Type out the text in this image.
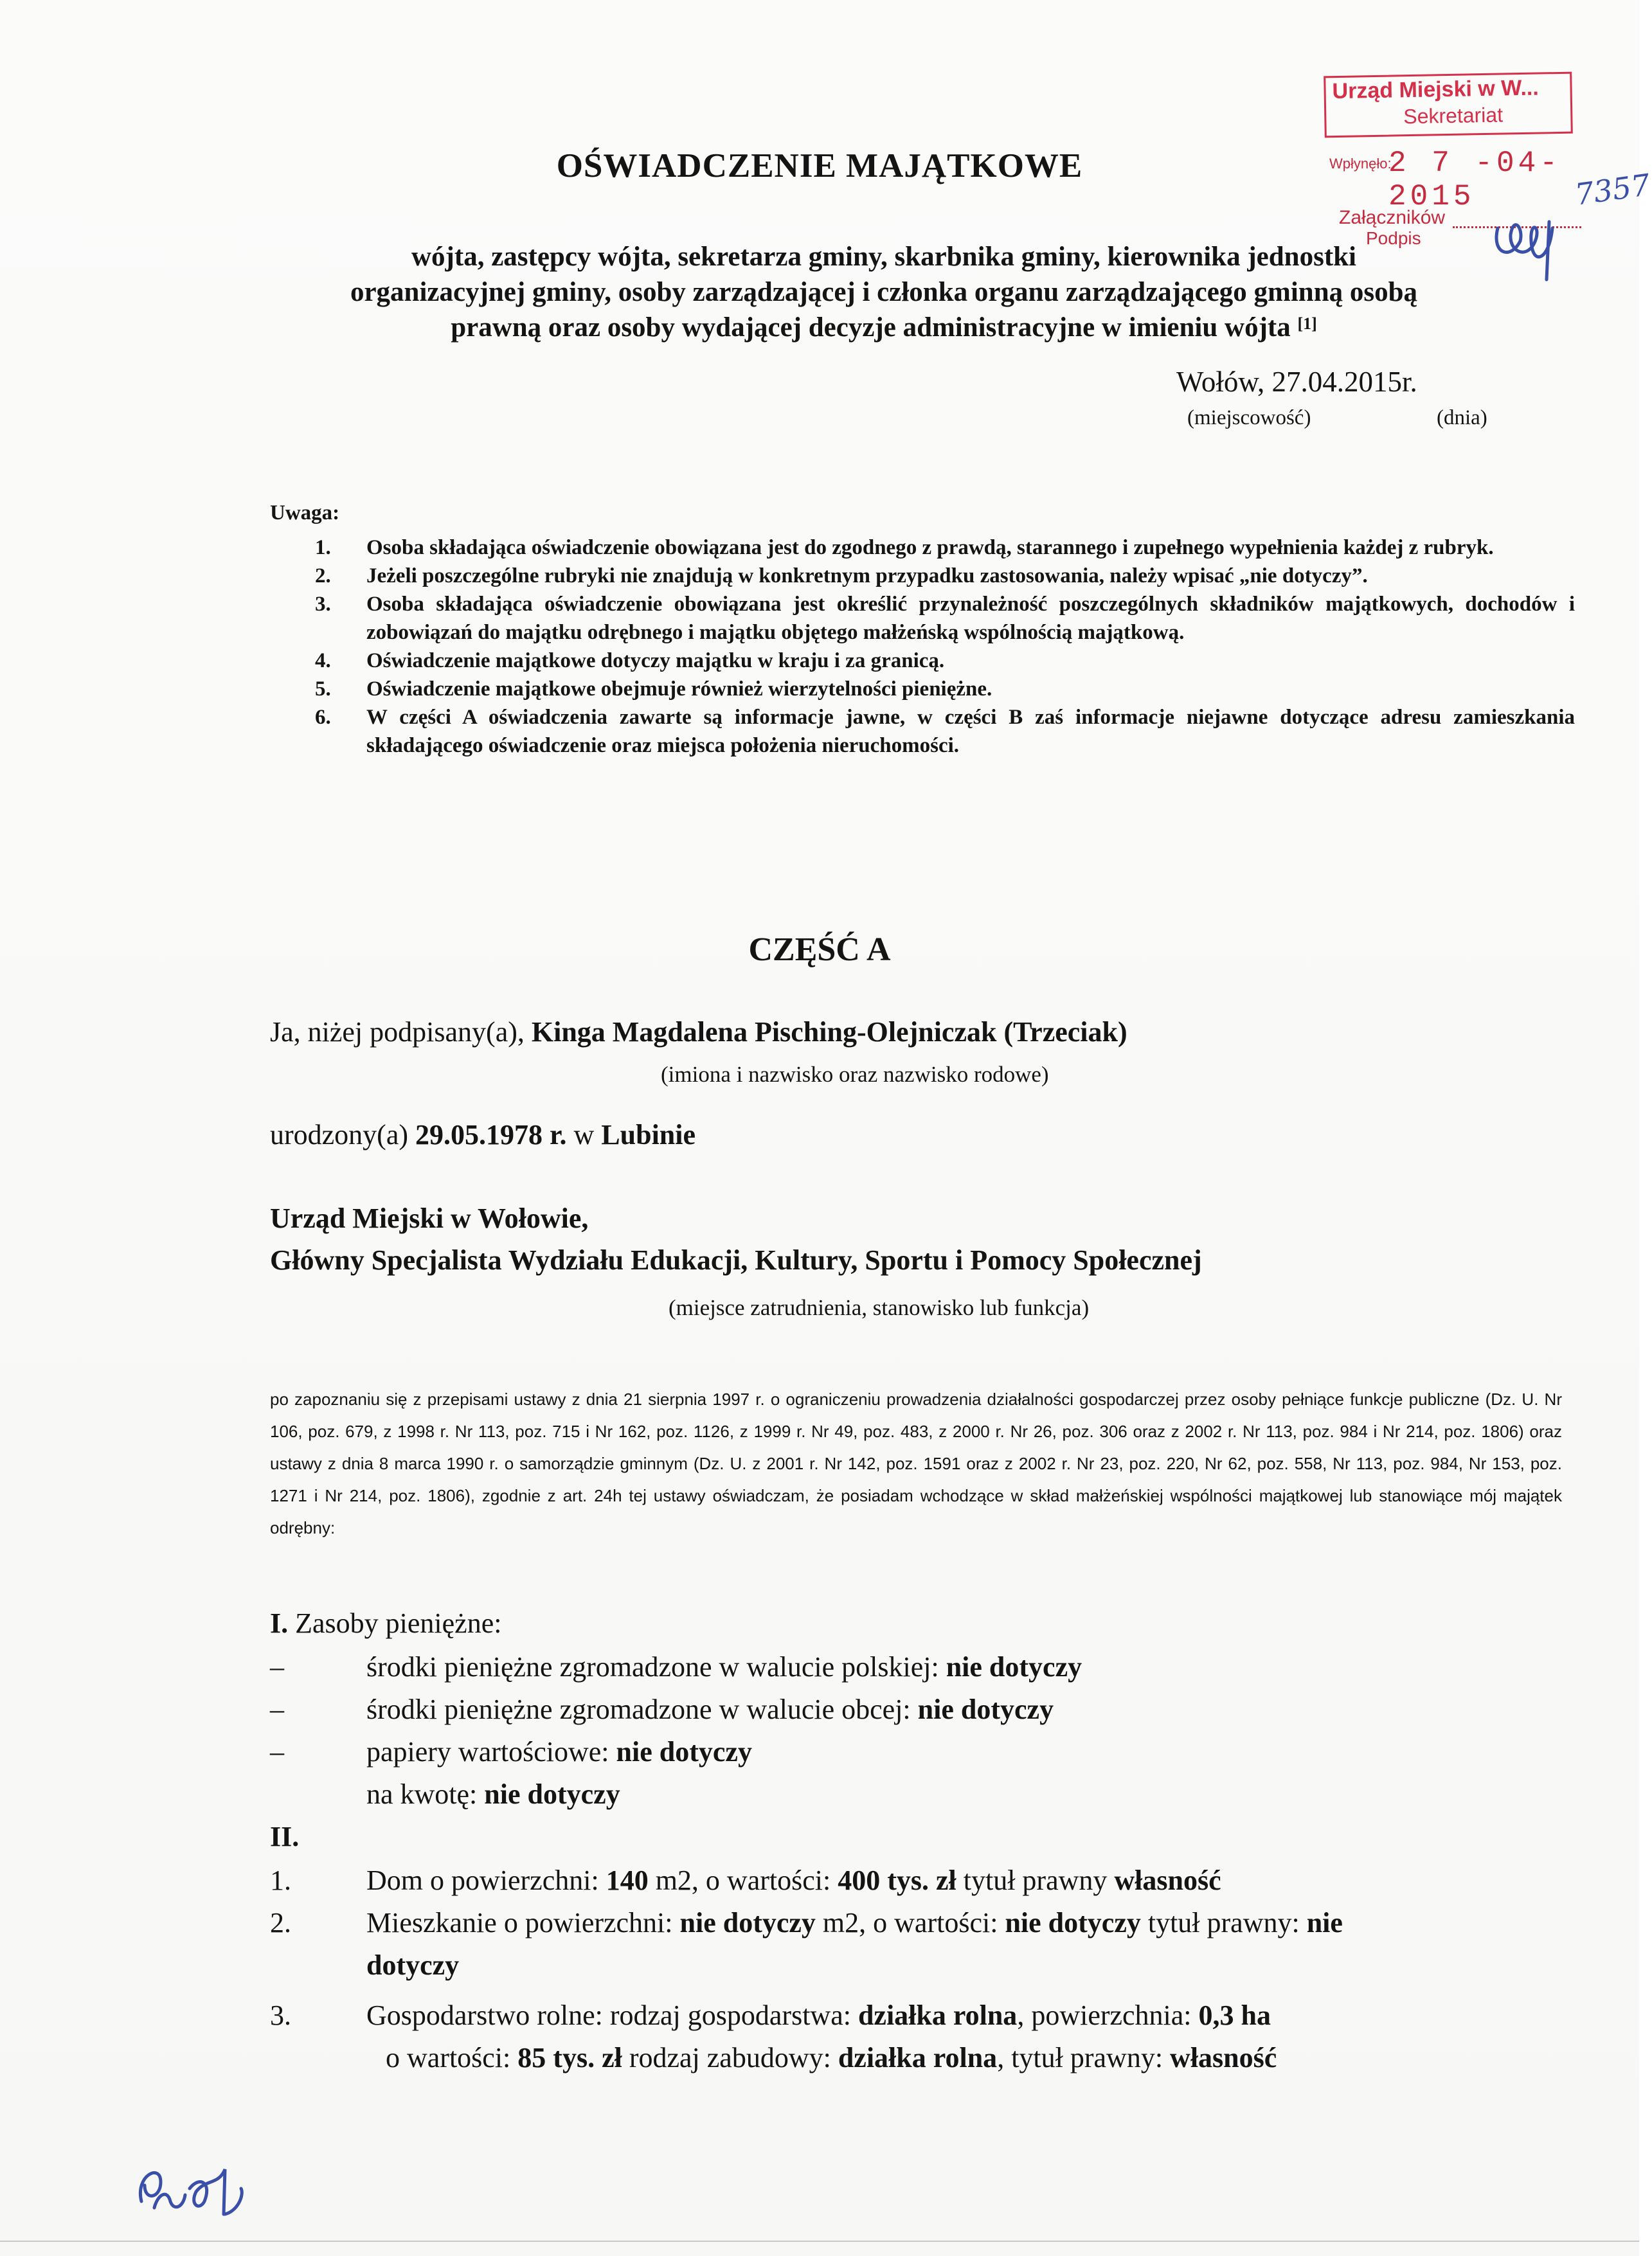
Urząd Miejski w W...
Sekretariat
Wpłynęło:
2 7 -04- 2015
Załączników
Podpis
7357
OŚWIADCZENIE MAJĄTKOWE
wójta, zastępcy wójta, sekretarza gminy, skarbnika gminy, kierownika jednostki
organizacyjnej gminy, osoby zarządzającej i członka organu zarządzającego gminną osobą
prawną oraz osoby wydającej decyzje administracyjne w imieniu wójta [1]
Wołów, 27.04.2015r.
(miejscowość)	(dnia)
Uwaga:
1. Osoba składająca oświadczenie obowiązana jest do zgodnego z prawdą, starannego i zupełnego wypełnienia każdej z rubryk.
2. Jeżeli poszczególne rubryki nie znajdują w konkretnym przypadku zastosowania, należy wpisać „nie dotyczy”.
3. Osoba składająca oświadczenie obowiązana jest określić przynależność poszczególnych składników majątkowych, dochodów i zobowiązań do majątku odrębnego i majątku objętego małżeńską wspólnością majątkową.
4. Oświadczenie majątkowe dotyczy majątku w kraju i za granicą.
5. Oświadczenie majątkowe obejmuje również wierzytelności pieniężne.
6. W części A oświadczenia zawarte są informacje jawne, w części B zaś informacje niejawne dotyczące adresu zamieszkania składającego oświadczenie oraz miejsca położenia nieruchomości.
CZĘŚĆ A
Ja, niżej podpisany(a), Kinga Magdalena Pisching-Olejniczak (Trzeciak)
(imiona i nazwisko oraz nazwisko rodowe)
urodzony(a) 29.05.1978 r. w Lubinie
Urząd Miejski w Wołowie,
Główny Specjalista Wydziału Edukacji, Kultury, Sportu i Pomocy Społecznej
(miejsce zatrudnienia, stanowisko lub funkcja)
po zapoznaniu się z przepisami ustawy z dnia 21 sierpnia 1997 r. o ograniczeniu prowadzenia działalności gospodarczej przez osoby pełniące funkcje publiczne (Dz. U. Nr 106, poz. 679, z 1998 r. Nr 113, poz. 715 i Nr 162, poz. 1126, z 1999 r. Nr 49, poz. 483, z 2000 r. Nr 26, poz. 306 oraz z 2002 r. Nr 113, poz. 984 i Nr 214, poz. 1806) oraz ustawy z dnia 8 marca 1990 r. o samorządzie gminnym (Dz. U. z 2001 r. Nr 142, poz. 1591 oraz z 2002 r. Nr 23, poz. 220, Nr 62, poz. 558, Nr 113, poz. 984, Nr 153, poz. 1271 i Nr 214, poz. 1806), zgodnie z art. 24h tej ustawy oświadczam, że posiadam wchodzące w skład małżeńskiej wspólności majątkowej lub stanowiące mój majątek odrębny:
I. Zasoby pieniężne:
–	środki pieniężne zgromadzone w walucie polskiej: nie dotyczy
–	środki pieniężne zgromadzone w walucie obcej: nie dotyczy
–	papiery wartościowe: nie dotyczy
na kwotę: nie dotyczy
II.
1.	Dom o powierzchni: 140 m2, o wartości: 400 tys. zł tytuł prawny własność
2.	Mieszkanie o powierzchni: nie dotyczy m2, o wartości: nie dotyczy tytuł prawny: nie
dotyczy
3.	Gospodarstwo rolne: rodzaj gospodarstwa: działka rolna, powierzchnia: 0,3 ha
o wartości: 85 tys. zł rodzaj zabudowy: działka rolna, tytuł prawny: własność
